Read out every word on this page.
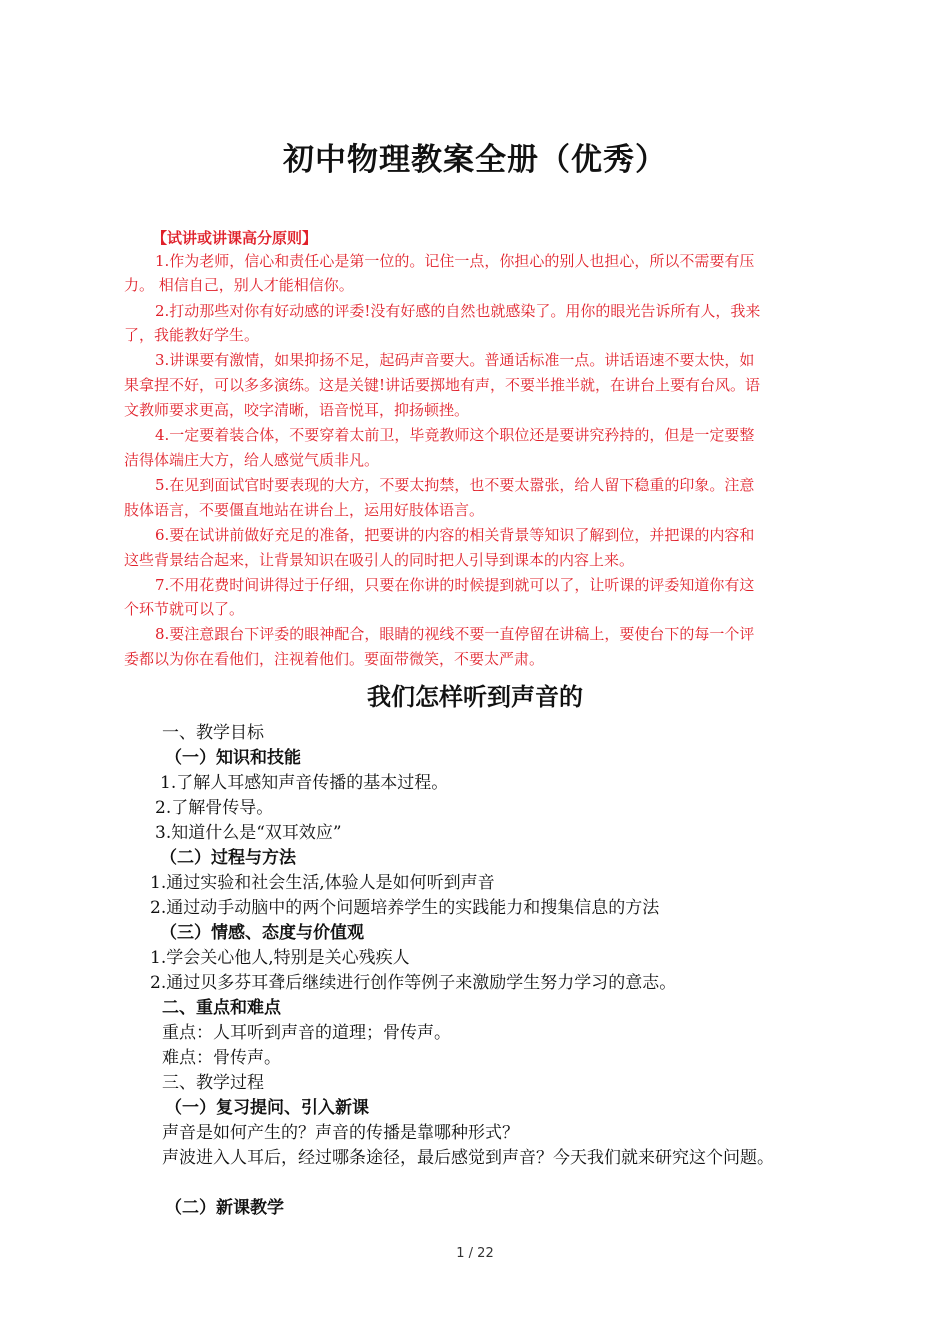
初中物理教案全册（优秀）
【试讲或讲课高分原则】
1.作为老师，信心和责任心是第一位的。记住一点，你担心的别人也担心，所以不需要有压
力。 相信自己，别人才能相信你。
2.打动那些对你有好动感的评委!没有好感的自然也就感染了。用你的眼光告诉所有人，我来
了，我能教好学生。
3.讲课要有激情，如果抑扬不足，起码声音要大。普通话标准一点。讲话语速不要太快，如
果拿捏不好，可以多多演练。这是关键!讲话要掷地有声，不要半推半就，在讲台上要有台风。语
文教师要求更高，咬字清晰，语音悦耳，抑扬顿挫。
4.一定要着装合体，不要穿着太前卫，毕竟教师这个职位还是要讲究矜持的，但是一定要整
洁得体端庄大方，给人感觉气质非凡。
5.在见到面试官时要表现的大方，不要太拘禁，也不要太嚣张，给人留下稳重的印象。注意
肢体语言，不要僵直地站在讲台上，运用好肢体语言。
6.要在试讲前做好充足的准备，把要讲的内容的相关背景等知识了解到位，并把课的内容和
这些背景结合起来，让背景知识在吸引人的同时把人引导到课本的内容上来。
7.不用花费时间讲得过于仔细，只要在你讲的时候提到就可以了，让听课的评委知道你有这
个环节就可以了。
8.要注意跟台下评委的眼神配合，眼睛的视线不要一直停留在讲稿上，要使台下的每一个评
委都以为你在看他们，注视着他们。要面带微笑，不要太严肃。
我们怎样听到声音的
一、教学目标
（一）知识和技能
1.了解人耳感知声音传播的基本过程。
2.了解骨传导。
3.知道什么是“双耳效应”
（二）过程与方法
1.通过实验和社会生活,体验人是如何听到声音
2.通过动手动脑中的两个问题培养学生的实践能力和搜集信息的方法
（三）情感、态度与价值观
1.学会关心他人,特别是关心残疾人
2.通过贝多芬耳聋后继续进行创作等例子来激励学生努力学习的意志。
二、重点和难点
重点：人耳听到声音的道理；骨传声。
难点：骨传声。
三、教学过程
（一）复习提问、引入新课
声音是如何产生的？声音的传播是靠哪种形式？
声波进入人耳后，经过哪条途径，最后感觉到声音？今天我们就来研究这个问题。
（二）新课教学
1 / 22
